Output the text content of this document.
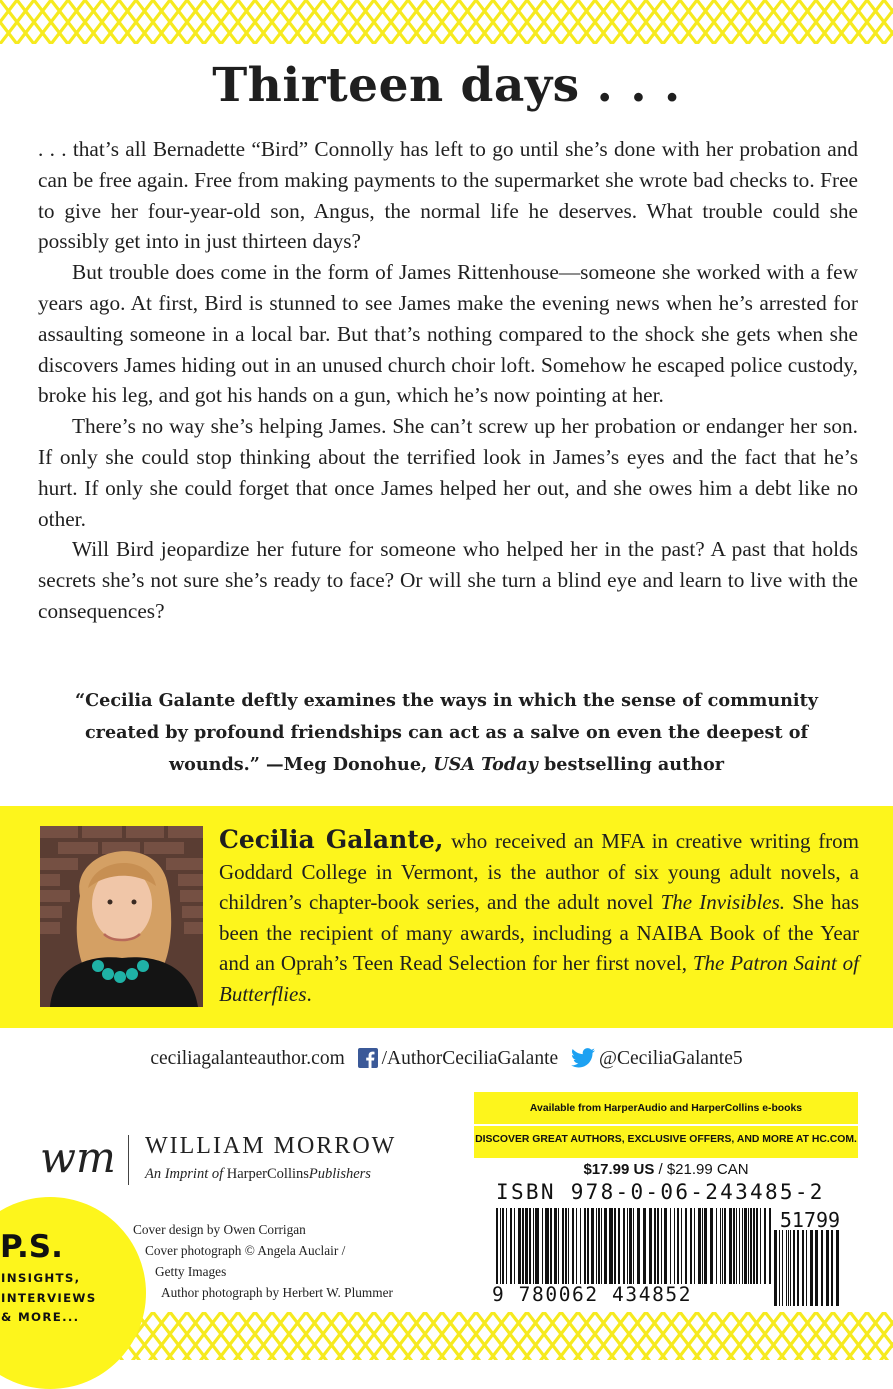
Thirteen days . . .

. . . that’s all Bernadette “Bird” Connolly has left to go until she’s done with her probation and can be free again. Free from making payments to the supermarket she wrote bad checks to. Free to give her four-year-old son, Angus, the normal life he deserves. What trouble could she possibly get into in just thirteen days?

But trouble does come in the form of James Rittenhouse—someone she worked with a few years ago. At first, Bird is stunned to see James make the evening news when he’s arrested for assaulting someone in a local bar. But that’s nothing compared to the shock she gets when she discovers James hiding out in an unused church choir loft. Somehow he escaped police custody, broke his leg, and got his hands on a gun, which he’s now pointing at her.

There’s no way she’s helping James. She can’t screw up her probation or endanger her son. If only she could stop thinking about the terrified look in James’s eyes and the fact that he’s hurt. If only she could forget that once James helped her out, and she owes him a debt like no other.

Will Bird jeopardize her future for someone who helped her in the past? A past that holds secrets she’s not sure she’s ready to face? Or will she turn a blind eye and learn to live with the consequences?

“Cecilia Galante deftly examines the ways in which the sense of community created by profound friendships can act as a salve on even the deepest of wounds.” —Meg Donohue, USA Today bestselling author
Cecilia Galante, who received an MFA in creative writing from Goddard College in Vermont, is the author of six young adult novels, a children’s chapter-book series, and the adult novel The Invisibles. She has been the recipient of many awards, including a NAIBA Book of the Year and an Oprah’s Teen Read Selection for her first novel, The Patron Saint of Butterflies.
ceciliagalanteauthor.com /AuthorCeciliaGalante @CeciliaGalante5
Available from HarperAudio and HarperCollins e-books
DISCOVER GREAT AUTHORS, EXCLUSIVE OFFERS, AND MORE AT HC.COM.
$17.99 US / $21.99 CAN
ISBN 978-0-06-243485-2
51799
9 780062 434852
wm WILLIAM MORROW
An Imprint of HarperCollinsPublishers
Cover design by Owen Corrigan
Cover photograph © Angela Auclair /
Getty Images
Author photograph by Herbert W. Plummer
P.S.
INSIGHTS,
INTERVIEWS
& MORE...
